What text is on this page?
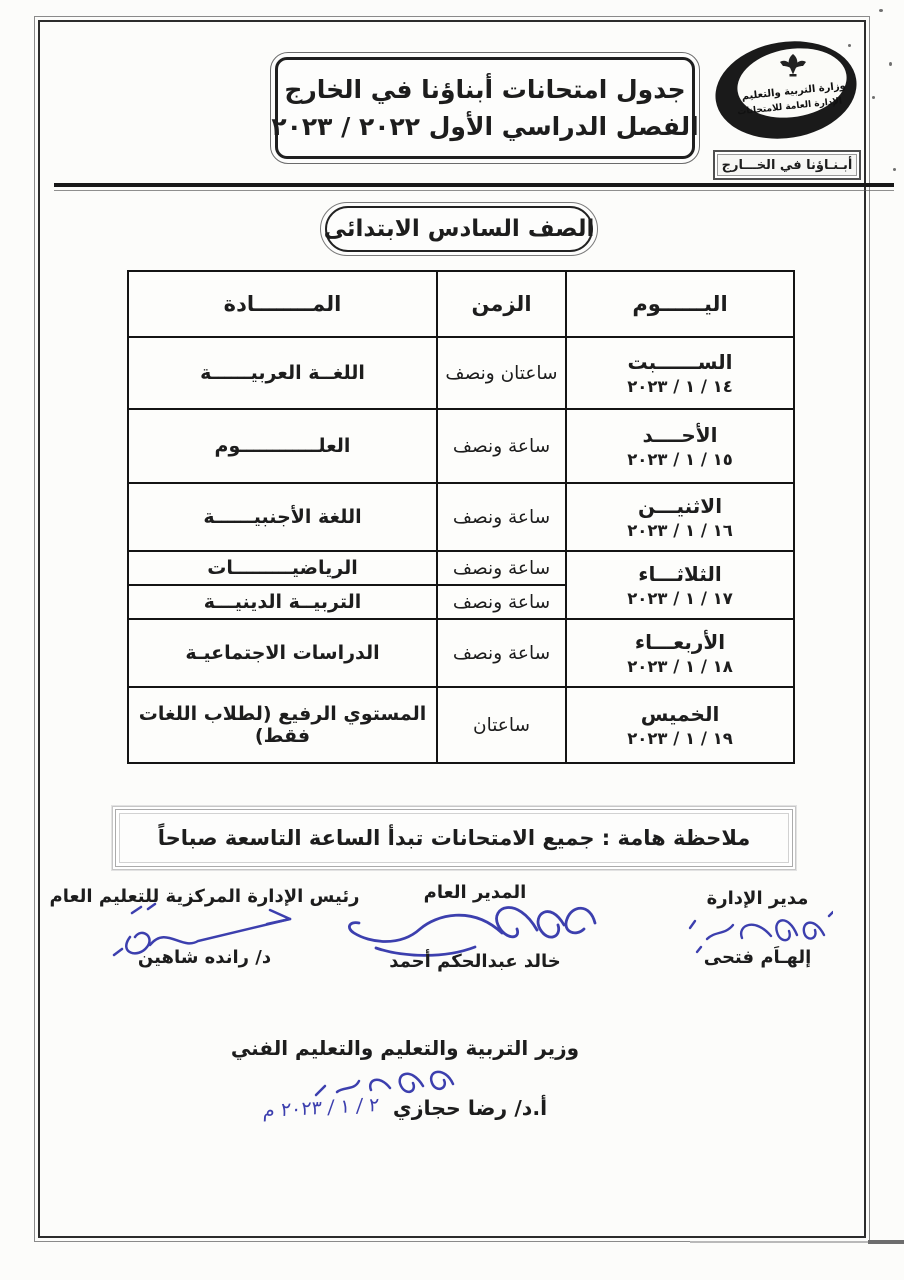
جدول امتحانات أبناؤنا في الخارج
الفصل الدراسي الأول ٢٠٢٢ / ٢٠٢٣
وزارة التربية والتعليم
الإدارة العامة للامتحانات
أبـنـاؤنا في الخـــارج
الصف السادس الابتدائى
اليــــــوم	الزمن	المــــــــادة

الســــــبت
١٤ / ١ / ٢٠٢٣	ساعتان ونصف	اللغــة العربيــــــة

الأحــــد
١٥ / ١ / ٢٠٢٣	ساعة ونصف	العلــــــــــــوم

الاثنيـــن
١٦ / ١ / ٢٠٢٣	ساعة ونصف	اللغة الأجنبيــــــة

الثلاثـــاء
١٧ / ١ / ٢٠٢٣	ساعة ونصف	الرياضيـــــــــات
	ساعة ونصف	التربيــة الدينيـــة

الأربعـــاء
١٨ / ١ / ٢٠٢٣	ساعة ونصف	الدراسات الاجتماعيـة

الخميس
١٩ / ١ / ٢٠٢٣	ساعتان	المستوي الرفيع (لطلاب اللغات فقط)
ملاحظة هامة : جميع الامتحانات تبدأ الساعة التاسعة صباحاً
مدير الإدارة
إلهـاَم فتحى
المدير العام
خالد عبدالحكم أحمد
رئيس الإدارة المركزية للتعليم العام
د/ رانده شاهين
وزير التربية والتعليم والتعليم الفني
أ.د/ رضا حجازي
٢ / ١ / ٢٠٢٣ م
